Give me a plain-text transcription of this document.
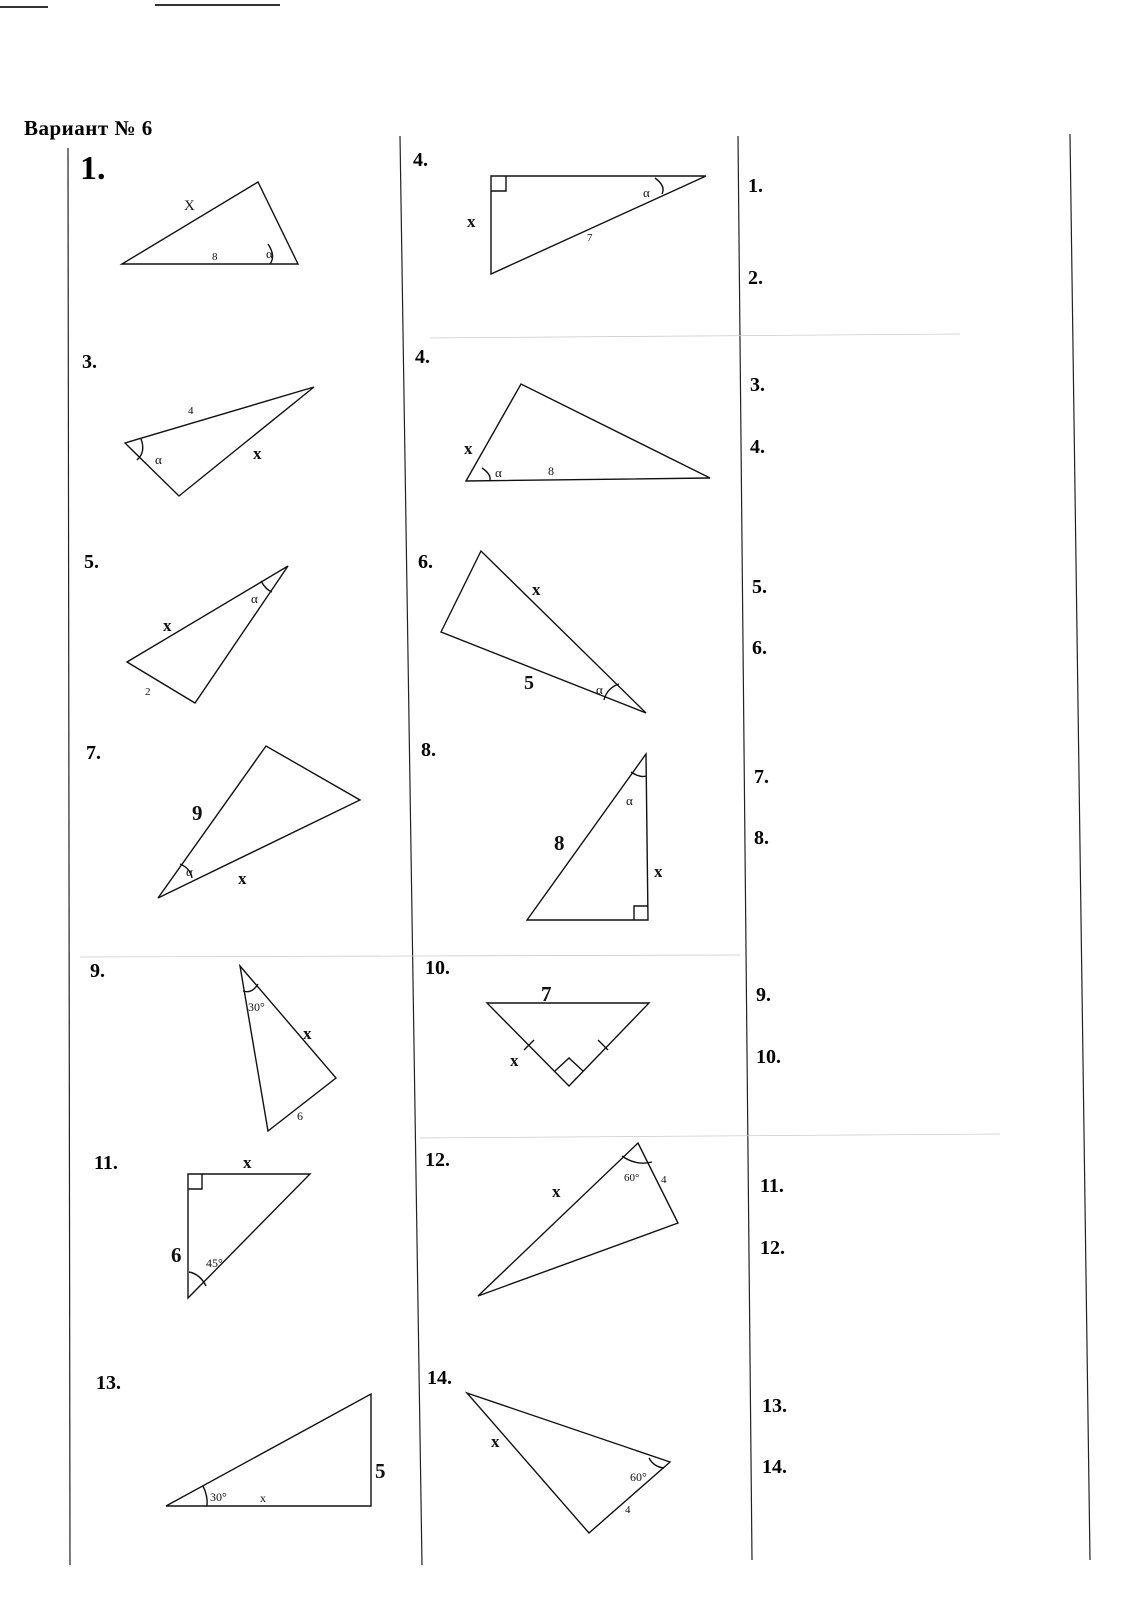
Вариант № 6
1.
3.
5.
7.
9.
11.
13.
4.
4.
6.
8.
10.
12.
14.
1.
2.
3.
4.
5.
6.
7.
8.
9.
10.
11.
12.
13.
14.
X
8	α
x
7
α
4
x
α
x
8
α
x
2
α	x
5	α
9
x
α
8
x
α
x
6
30°
7
x
x
6 45°
x
4
60°
5
x
30°
x
4
60°
